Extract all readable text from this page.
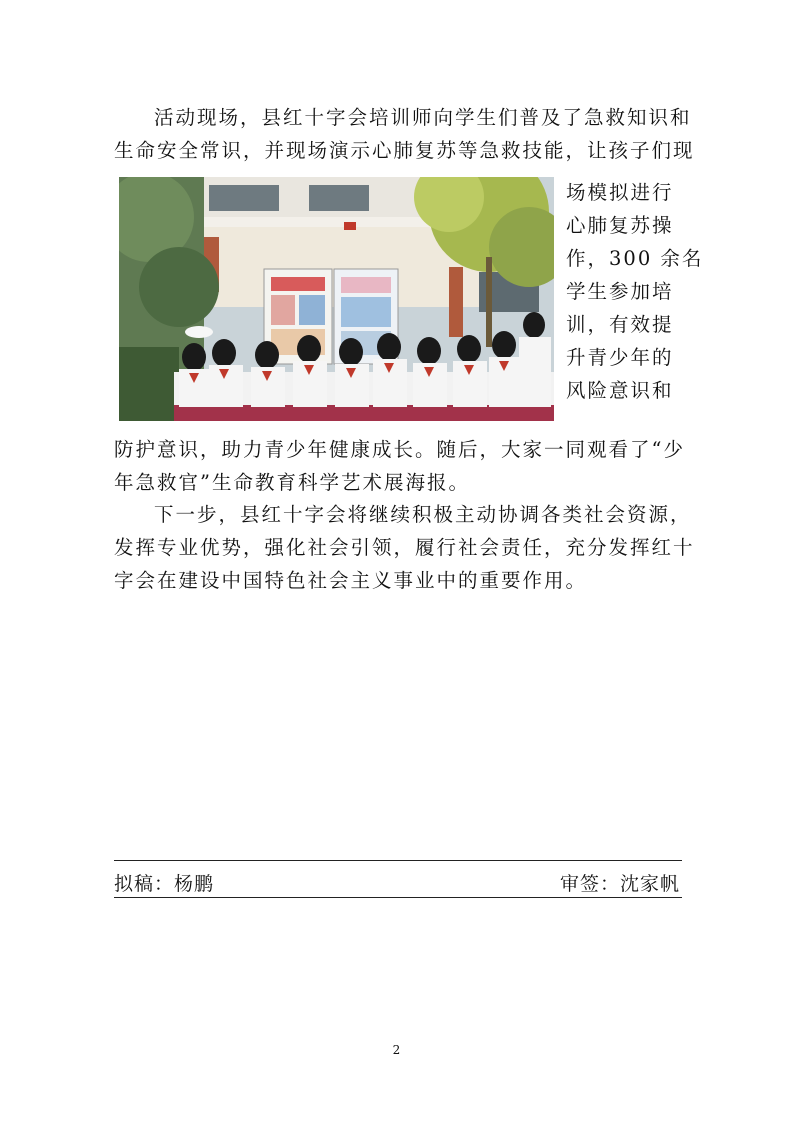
活动现场，县红十字会培训师向学生们普及了急救知识和
生命安全常识，并现场演示心肺复苏等急救技能，让孩子们现
场模拟进行
心肺复苏操
作，300 余名
学生参加培
训，有效提
升青少年的
风险意识和
防护意识，助力青少年健康成长。随后，大家一同观看了“少
年急救官”生命教育科学艺术展海报。
下一步，县红十字会将继续积极主动协调各类社会资源，
发挥专业优势，强化社会引领，履行社会责任，充分发挥红十
字会在建设中国特色社会主义事业中的重要作用。
拟稿：杨鹏	审签：沈家帆
2
